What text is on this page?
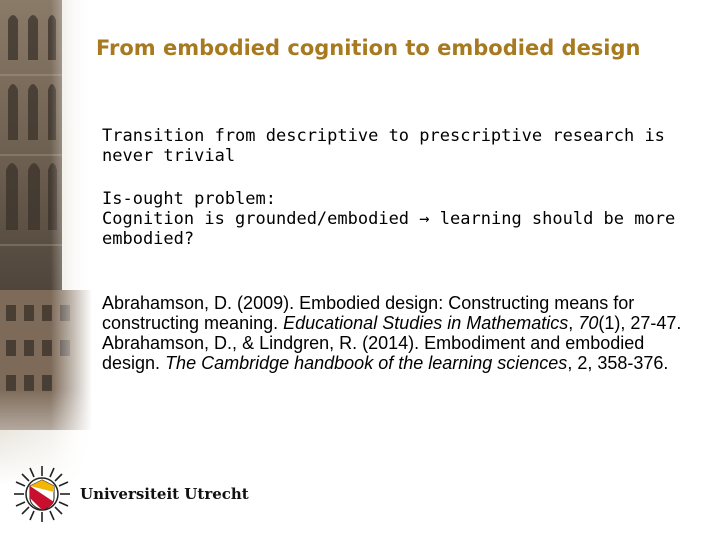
From embodied cognition to embodied design
Transition from descriptive to prescriptive research is never trivial
Is-ought problem:
Cognition is grounded/embodied → learning should be more embodied?

Abrahamson, D. (2009). Embodied design: Constructing means for constructing meaning. Educational Studies in Mathematics, 70(1), 27-47.

Abrahamson, D., & Lindgren, R. (2014). Embodiment and embodied design. The Cambridge handbook of the learning sciences, 2, 358-376.

Universiteit Utrecht
